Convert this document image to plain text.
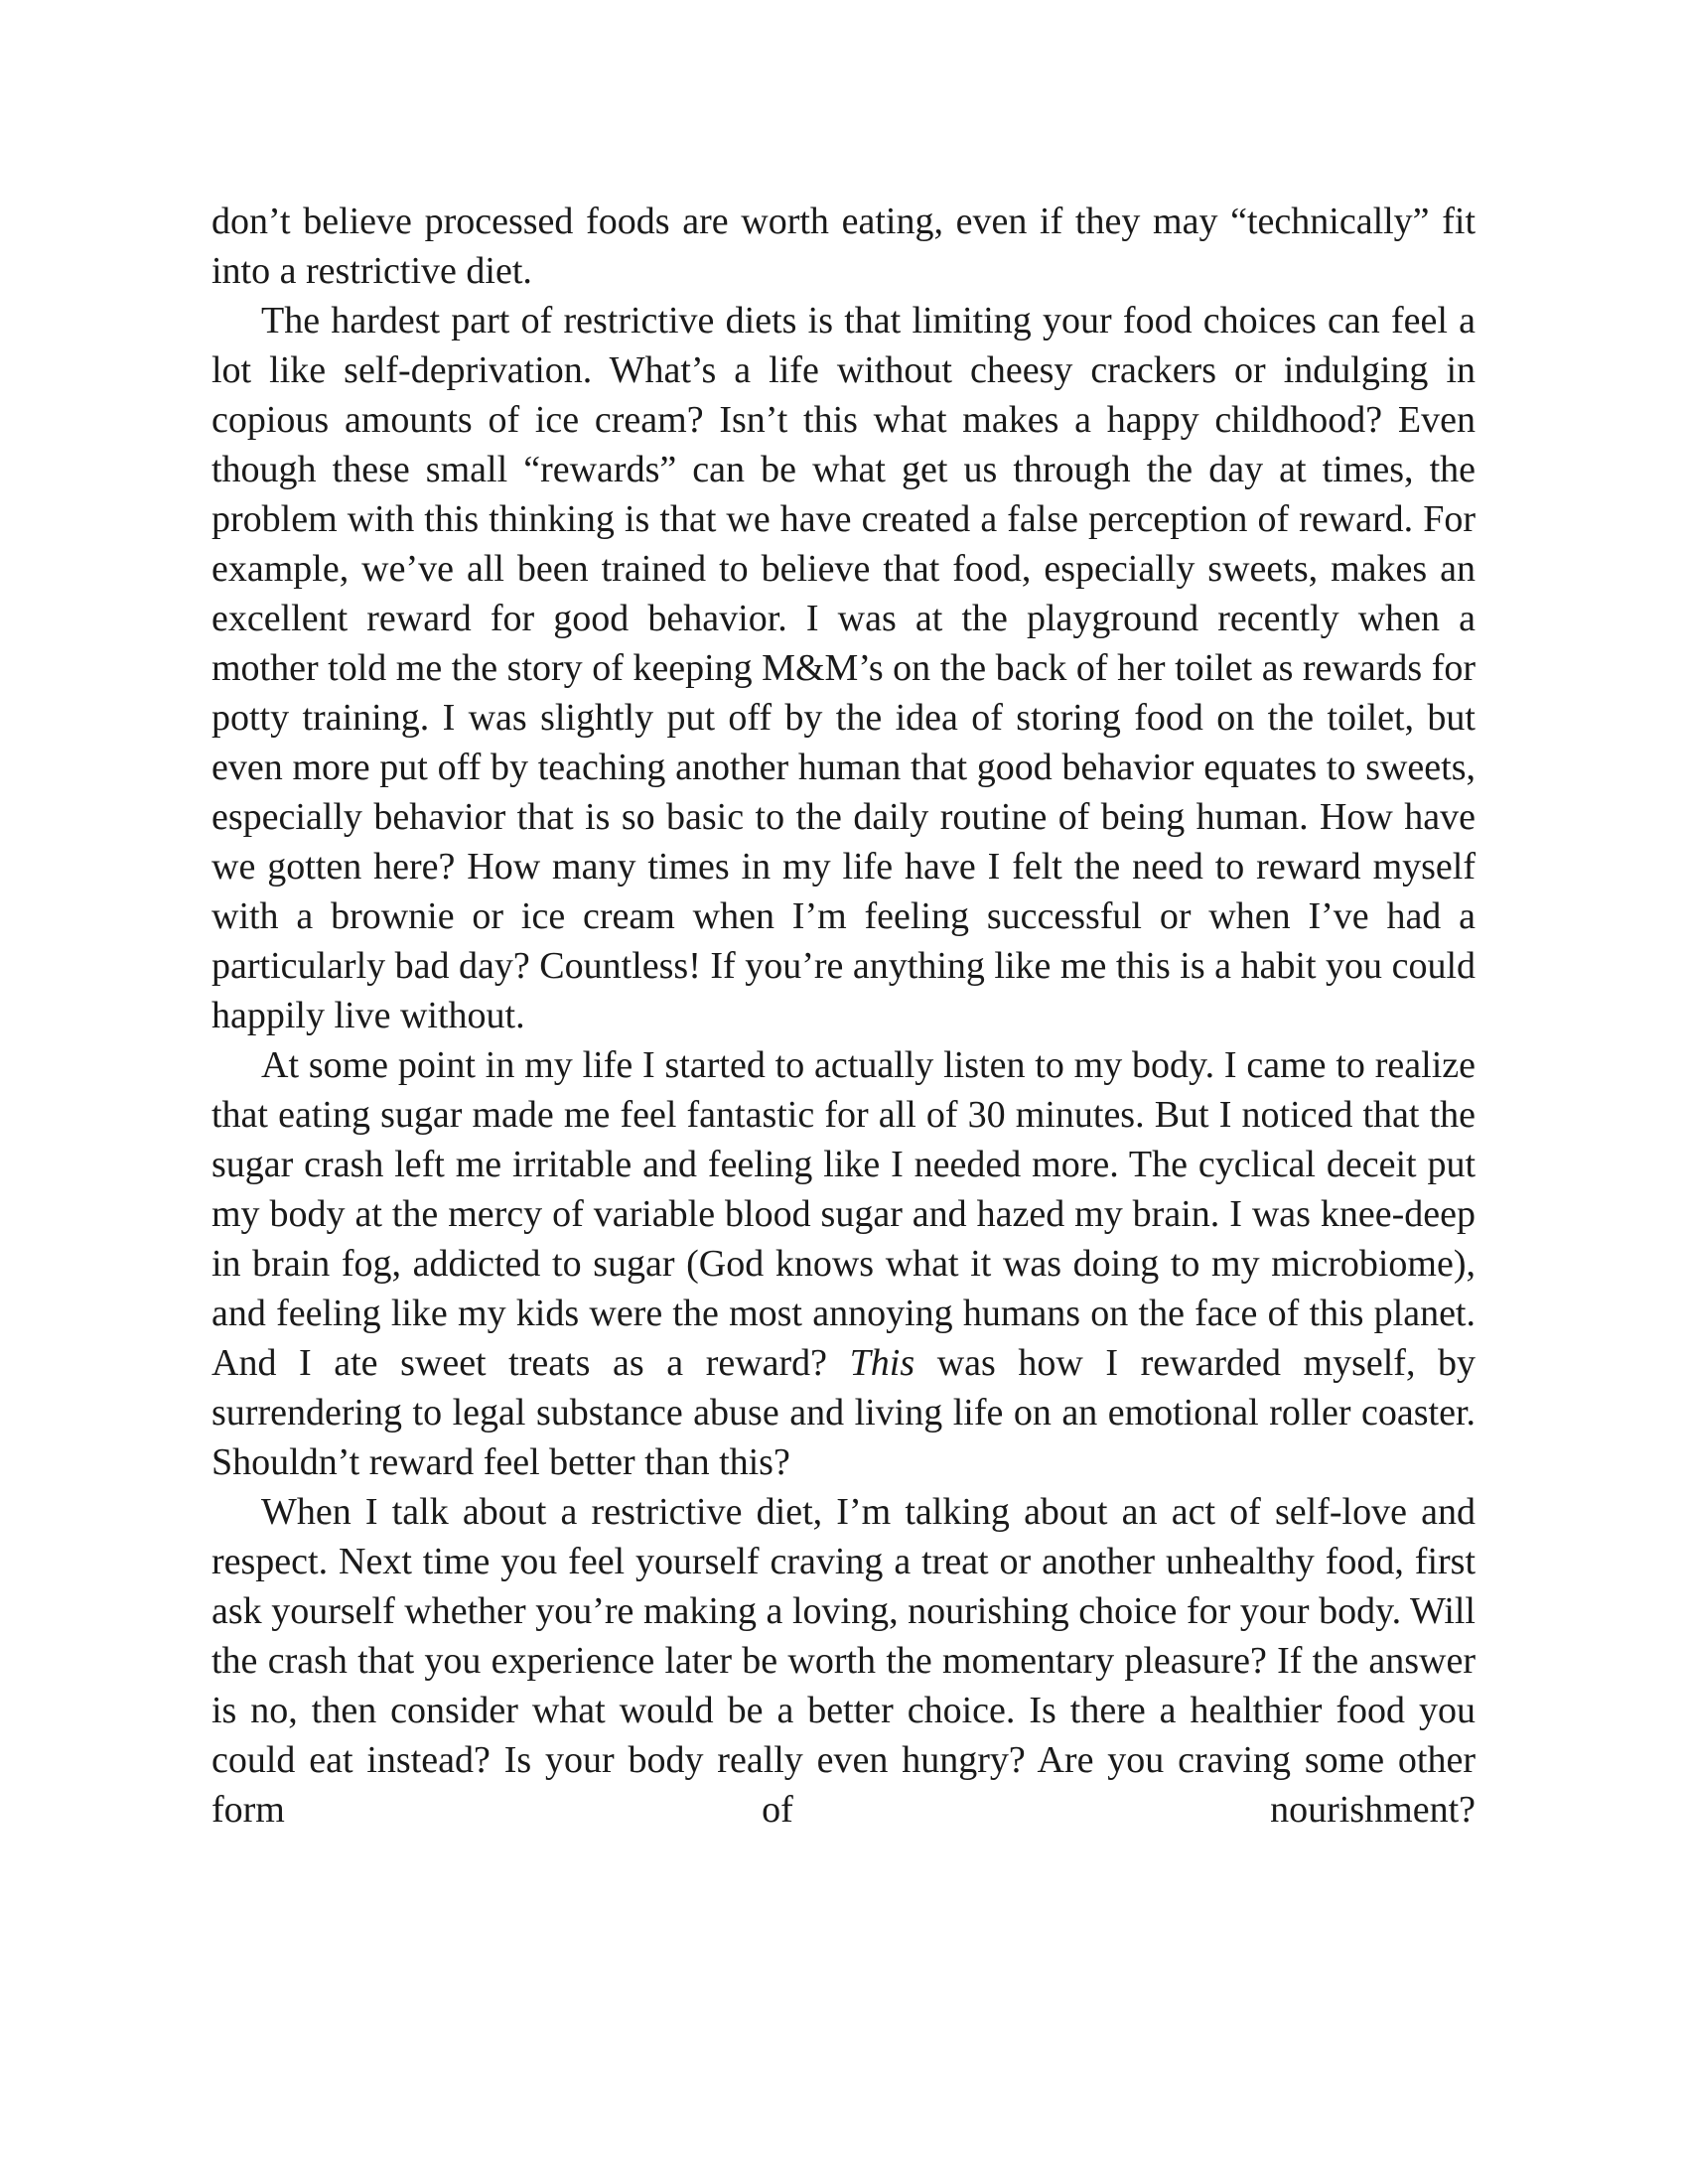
don’t believe processed foods are worth eating, even if they may “technically” fit into a restrictive diet.

The hardest part of restrictive diets is that limiting your food choices can feel a lot like self-deprivation. What’s a life without cheesy crackers or indulging in copious amounts of ice cream? Isn’t this what makes a happy childhood? Even though these small “rewards” can be what get us through the day at times, the problem with this thinking is that we have created a false perception of reward. For example, we’ve all been trained to believe that food, especially sweets, makes an excellent reward for good behavior. I was at the playground recently when a mother told me the story of keeping M&M’s on the back of her toilet as rewards for potty training. I was slightly put off by the idea of storing food on the toilet, but even more put off by teaching another human that good behavior equates to sweets, especially behavior that is so basic to the daily routine of being human. How have we gotten here? How many times in my life have I felt the need to reward myself with a brownie or ice cream when I’m feeling successful or when I’ve had a particularly bad day? Countless! If you’re anything like me this is a habit you could happily live without.

At some point in my life I started to actually listen to my body. I came to realize that eating sugar made me feel fantastic for all of 30 minutes. But I noticed that the sugar crash left me irritable and feeling like I needed more. The cyclical deceit put my body at the mercy of variable blood sugar and hazed my brain. I was knee-deep in brain fog, addicted to sugar (God knows what it was doing to my microbiome), and feeling like my kids were the most annoying humans on the face of this planet. And I ate sweet treats as a reward? This was how I rewarded myself, by surrendering to legal substance abuse and living life on an emotional roller coaster. Shouldn’t reward feel better than this?

When I talk about a restrictive diet, I’m talking about an act of self-love and respect. Next time you feel yourself craving a treat or another unhealthy food, first ask yourself whether you’re making a loving, nourishing choice for your body. Will the crash that you experience later be worth the momentary pleasure? If the answer is no, then consider what would be a better choice. Is there a healthier food you could eat instead? Is your body really even hungry? Are you craving some other form of nourishment?
